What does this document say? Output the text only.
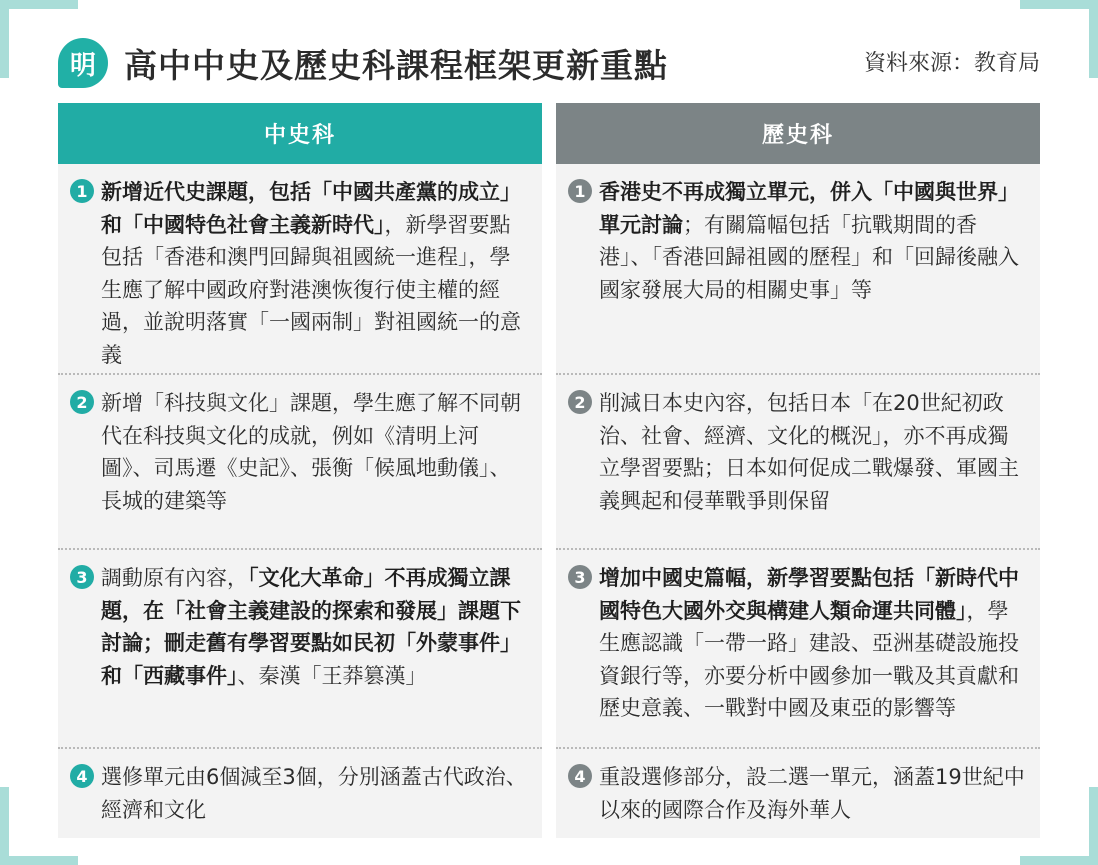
明 高中中史及歷史科課程框架更新重點	資料來源：教育局
中史科
1 新增近代史課題，包括「中國共產黨的成立」和「中國特色社會主義新時代」，新學習要點包括「香港和澳門回歸與祖國統一進程」，學生應了解中國政府對港澳恢復行使主權的經過，並說明落實「一國兩制」對祖國統一的意義
2 新增「科技與文化」課題，學生應了解不同朝代在科技與文化的成就，例如《清明上河圖》、司馬遷《史記》、張衡「候風地動儀」、長城的建築等
3 調動原有內容，「文化大革命」不再成獨立課題，在「社會主義建設的探索和發展」課題下討論；刪走舊有學習要點如民初「外蒙事件」和「西藏事件」、秦漢「王莽篡漢」
4 選修單元由6個減至3個，分別涵蓋古代政治、經濟和文化
歷史科
1 香港史不再成獨立單元，併入「中國與世界」單元討論；有關篇幅包括「抗戰期間的香港」、「香港回歸祖國的歷程」和「回歸後融入國家發展大局的相關史事」等
2 削減日本史內容，包括日本「在20世紀初政治、社會、經濟、文化的概況」，亦不再成獨立學習要點；日本如何促成二戰爆發、軍國主義興起和侵華戰爭則保留
3 增加中國史篇幅，新學習要點包括「新時代中國特色大國外交與構建人類命運共同體」，學生應認識「一帶一路」建設、亞洲基礎設施投資銀行等，亦要分析中國參加一戰及其貢獻和歷史意義、一戰對中國及東亞的影響等
4 重設選修部分，設二選一單元，涵蓋19世紀中以來的國際合作及海外華人
